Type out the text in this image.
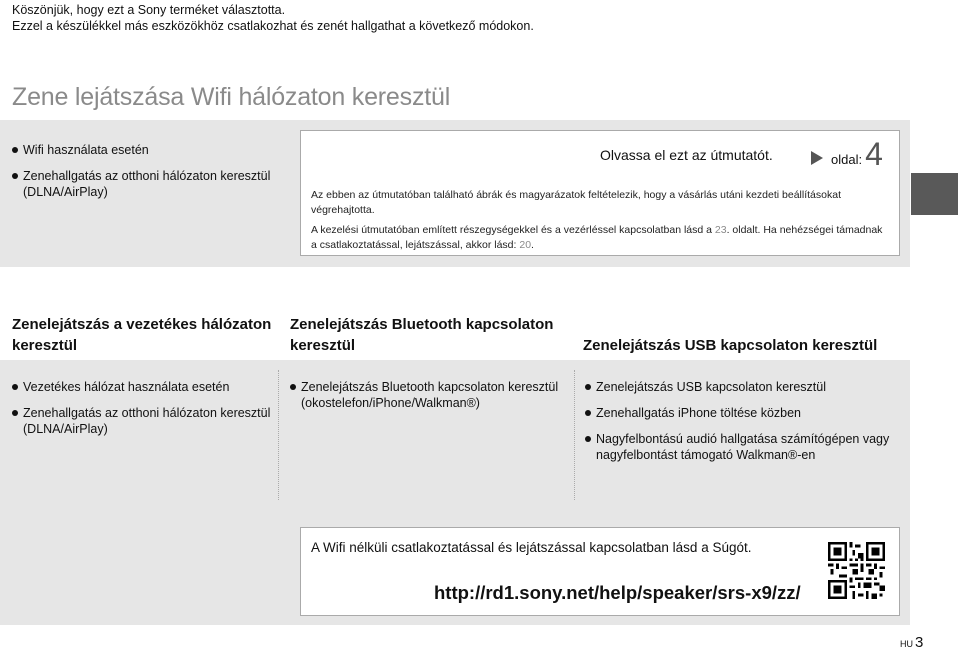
Köszönjük, hogy ezt a Sony terméket választotta.
Ezzel a készülékkel más eszközökhöz csatlakozhat és zenét hallgathat a következő módokon.
Zene lejátszása Wifi hálózaton keresztül
Wifi használata esetén
Zenehallgatás az otthoni hálózaton keresztül (DLNA/AirPlay)
Olvassa el ezt az útmutatót.	oldal: 4

Az ebben az útmutatóban található ábrák és magyarázatok feltételezik, hogy a vásárlás utáni kezdeti beállításokat végrehajtotta.

A kezelési útmutatóban említett részegységekkel és a vezérléssel kapcsolatban lásd a 23. oldalt. Ha nehézségei támadnak a csatlakoztatással, lejátszással, akkor lásd: 20.

Zenelejátszás a vezetékes hálózaton keresztül
Zenelejátszás Bluetooth kapcsolaton keresztül	Zenelejátszás USB kapcsolaton keresztül
Vezetékes hálózat használata esetén
Zenehallgatás az otthoni hálózaton keresztül (DLNA/AirPlay)
Zenelejátszás Bluetooth kapcsolaton keresztül (okostelefon/iPhone/Walkman®)
Zenelejátszás USB kapcsolaton keresztül
Zenehallgatás iPhone töltése közben
Nagyfelbontású audió hallgatása számítógépen vagy nagyfelbontást támogató Walkman®-en
A Wifi nélküli csatlakoztatással és lejátszással kapcsolatban lásd a Súgót.
http://rd1.sony.net/help/speaker/srs-x9/zz/
HU 3
